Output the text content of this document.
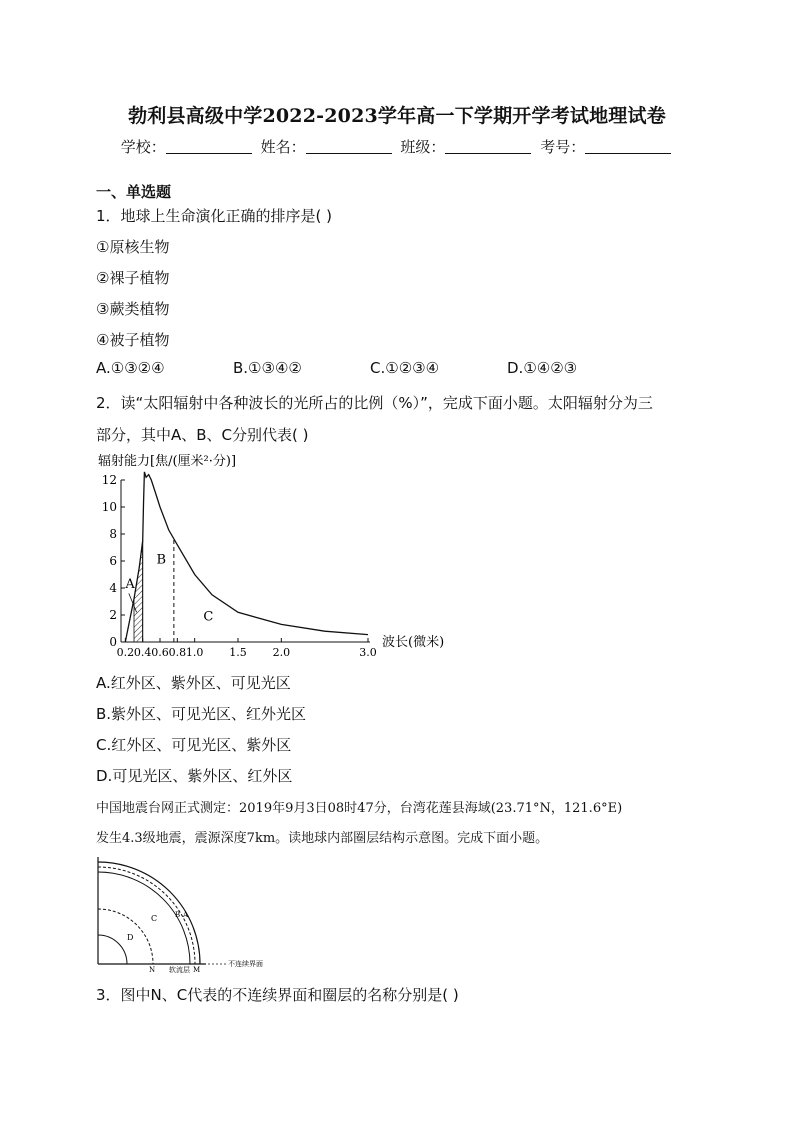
勃利县高级中学2022-2023学年高一下学期开学考试地理试卷
学校：	姓名：	班级：	考号：
一、单选题
1．地球上生命演化正确的排序是( )
①原核生物
②裸子植物
③蕨类植物
④被子植物
A.①③②④	B.①③④②	C.①②③④	D.①④②③
2．读“太阳辐射中各种波长的光所占的比例（%）”，完成下面小题。太阳辐射分为三
部分，其中A、B、C分别代表( )
辐射能力[焦/(厘米²·分)]
0
2
4
6
8
10
12
0.2 0.4 0.6 0.8 1.0 1.5 2.0	3.0
A
B
C
波长(微米)
A.红外区、紫外区、可见光区
B.紫外区、可见光区、红外光区
C.红外区、可见光区、紫外区
D.可见光区、紫外区、红外区
中国地震台网正式测定：2019年9月3日08时47分，台湾花莲县海域(23.71°N，121.6°E)
发生4.3级地震，震源深度7km。读地球内部圈层结构示意图。完成下面小题。
C
D
B A
N 软流层 M
不连续界面
3．图中N、C代表的不连续界面和圈层的名称分别是( )
